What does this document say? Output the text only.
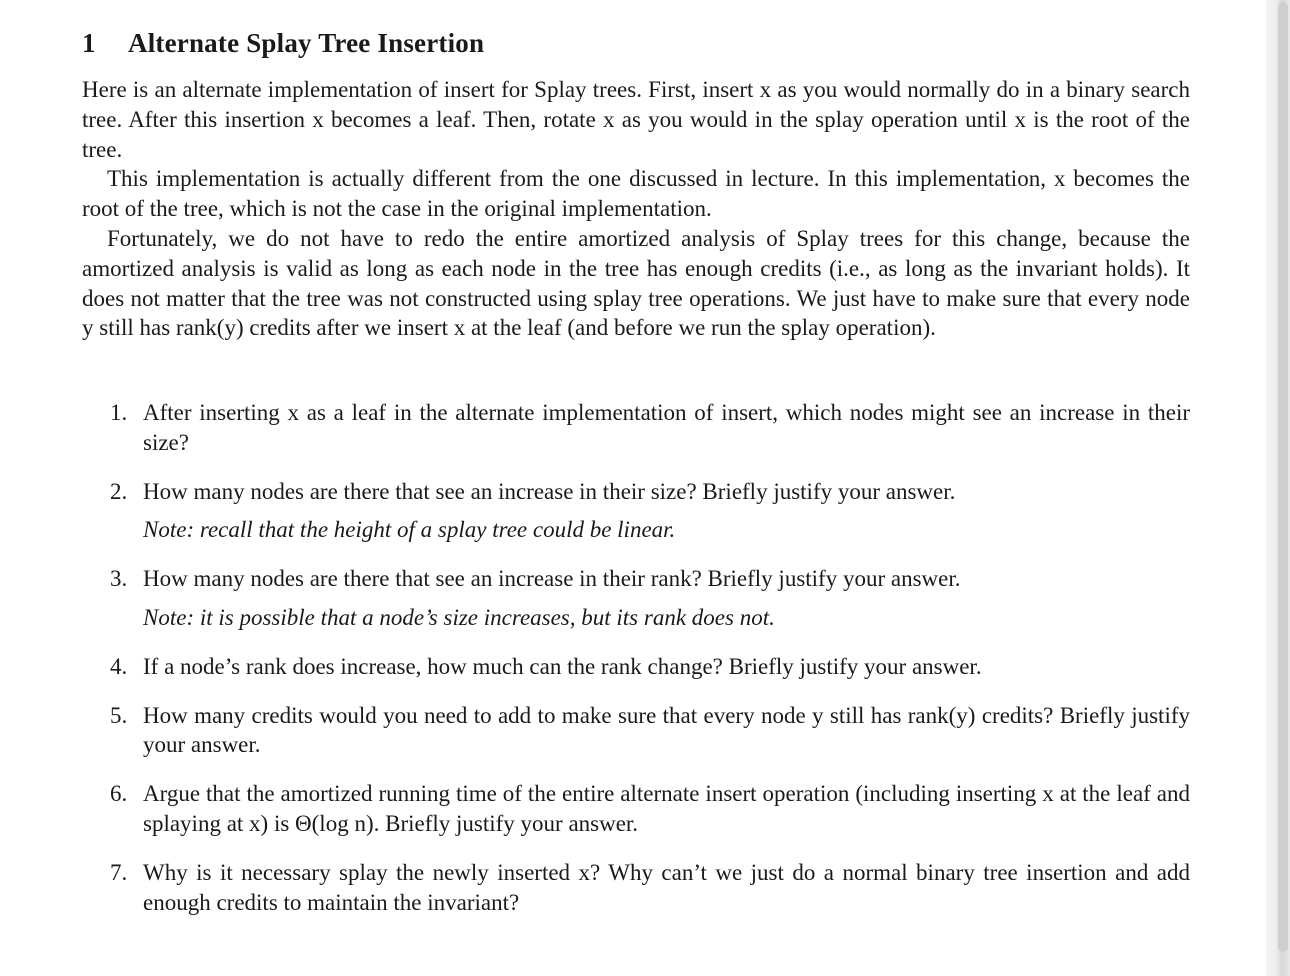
1 Alternate Splay Tree Insertion

Here is an alternate implementation of insert for Splay trees. First, insert x as you would normally do in a binary search tree. After this insertion x becomes a leaf. Then, rotate x as you would in the splay operation until x is the root of the tree.

This implementation is actually different from the one discussed in lecture. In this implementation, x becomes the root of the tree, which is not the case in the original implementation.

Fortunately, we do not have to redo the entire amortized analysis of Splay trees for this change, because the amortized analysis is valid as long as each node in the tree has enough credits (i.e., as long as the invariant holds). It does not matter that the tree was not constructed using splay tree operations. We just have to make sure that every node y still has rank(y) credits after we insert x at the leaf (and before we run the splay operation).

1. After inserting x as a leaf in the alternate implementation of insert, which nodes might see an increase in their size?
2. How many nodes are there that see an increase in their size? Briefly justify your answer.
Note: recall that the height of a splay tree could be linear.
3. How many nodes are there that see an increase in their rank? Briefly justify your answer.
Note: it is possible that a node’s size increases, but its rank does not.
4. If a node’s rank does increase, how much can the rank change? Briefly justify your answer.
5. How many credits would you need to add to make sure that every node y still has rank(y) credits? Briefly justify your answer.
6. Argue that the amortized running time of the entire alternate insert operation (including inserting x at the leaf and splaying at x) is Θ(log n). Briefly justify your answer.
7. Why is it necessary splay the newly inserted x? Why can’t we just do a normal binary tree insertion and add enough credits to maintain the invariant?
